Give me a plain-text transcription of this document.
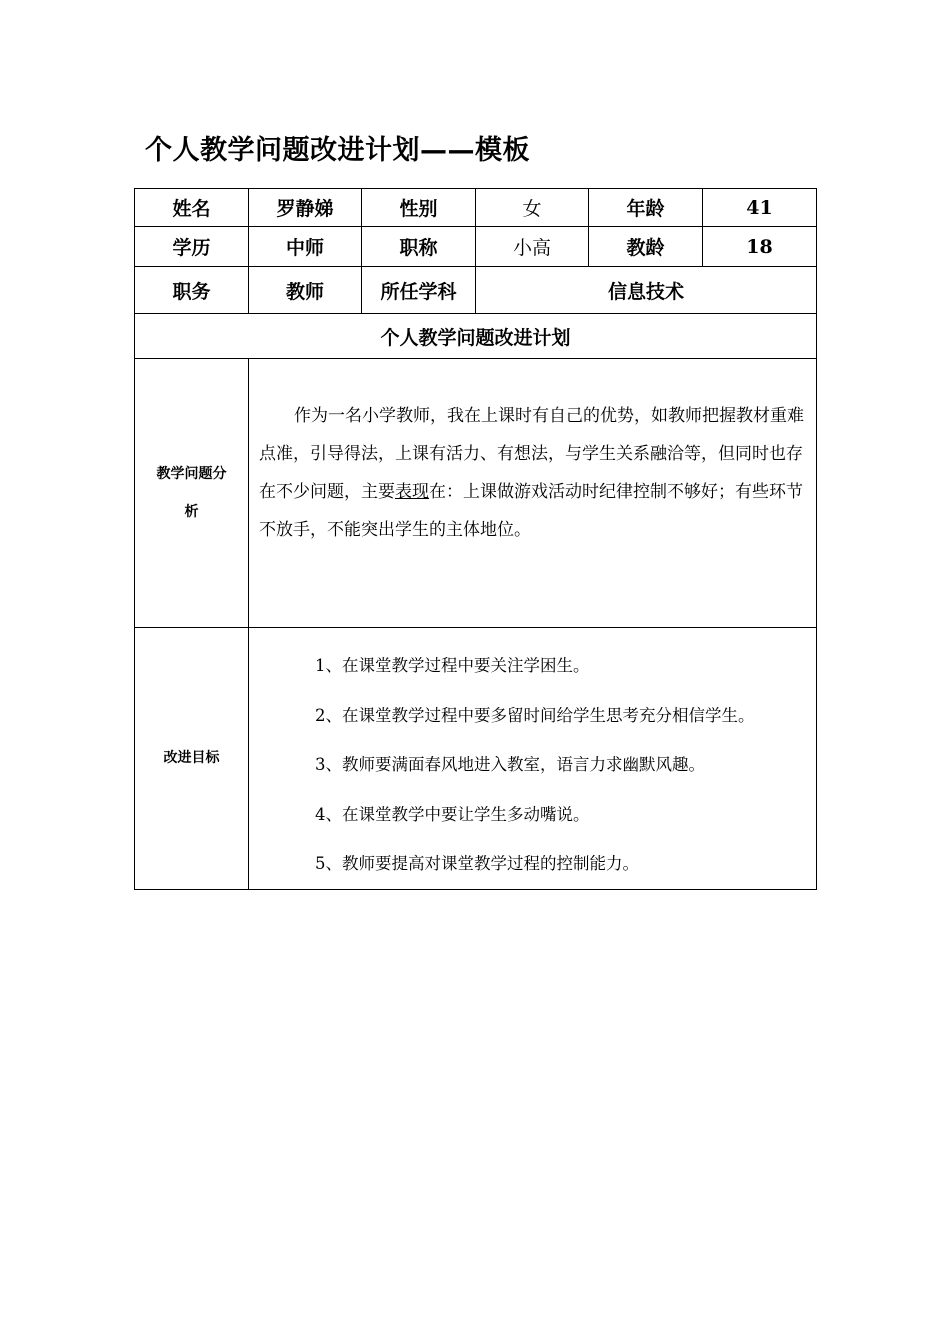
个人教学问题改进计划——模板
姓名	罗静娣	性别	女	年龄	41
学历	中师	职称	小高	教龄	18
职务	教师	所任学科	信息技术		
个人教学问题改进计划					

教学问题分
析	作为一名小学教师，我在上课时有自己的优势，如教师把握教材重难点准，引导得法，上课有活力、有想法，与学生关系融洽等，但同时也存在不少问题，主要表现在：上课做游戏活动时纪律控制不够好；有些环节不放手，不能突出学生的主体地位。				

改进目标	1、在课堂教学过程中要关注学困生。
2、在课堂教学过程中要多留时间给学生思考充分相信学生。
3、教师要满面春风地进入教室，语言力求幽默风趣。
4、在课堂教学中要让学生多动嘴说。
5、教师要提高对课堂教学过程的控制能力。				
